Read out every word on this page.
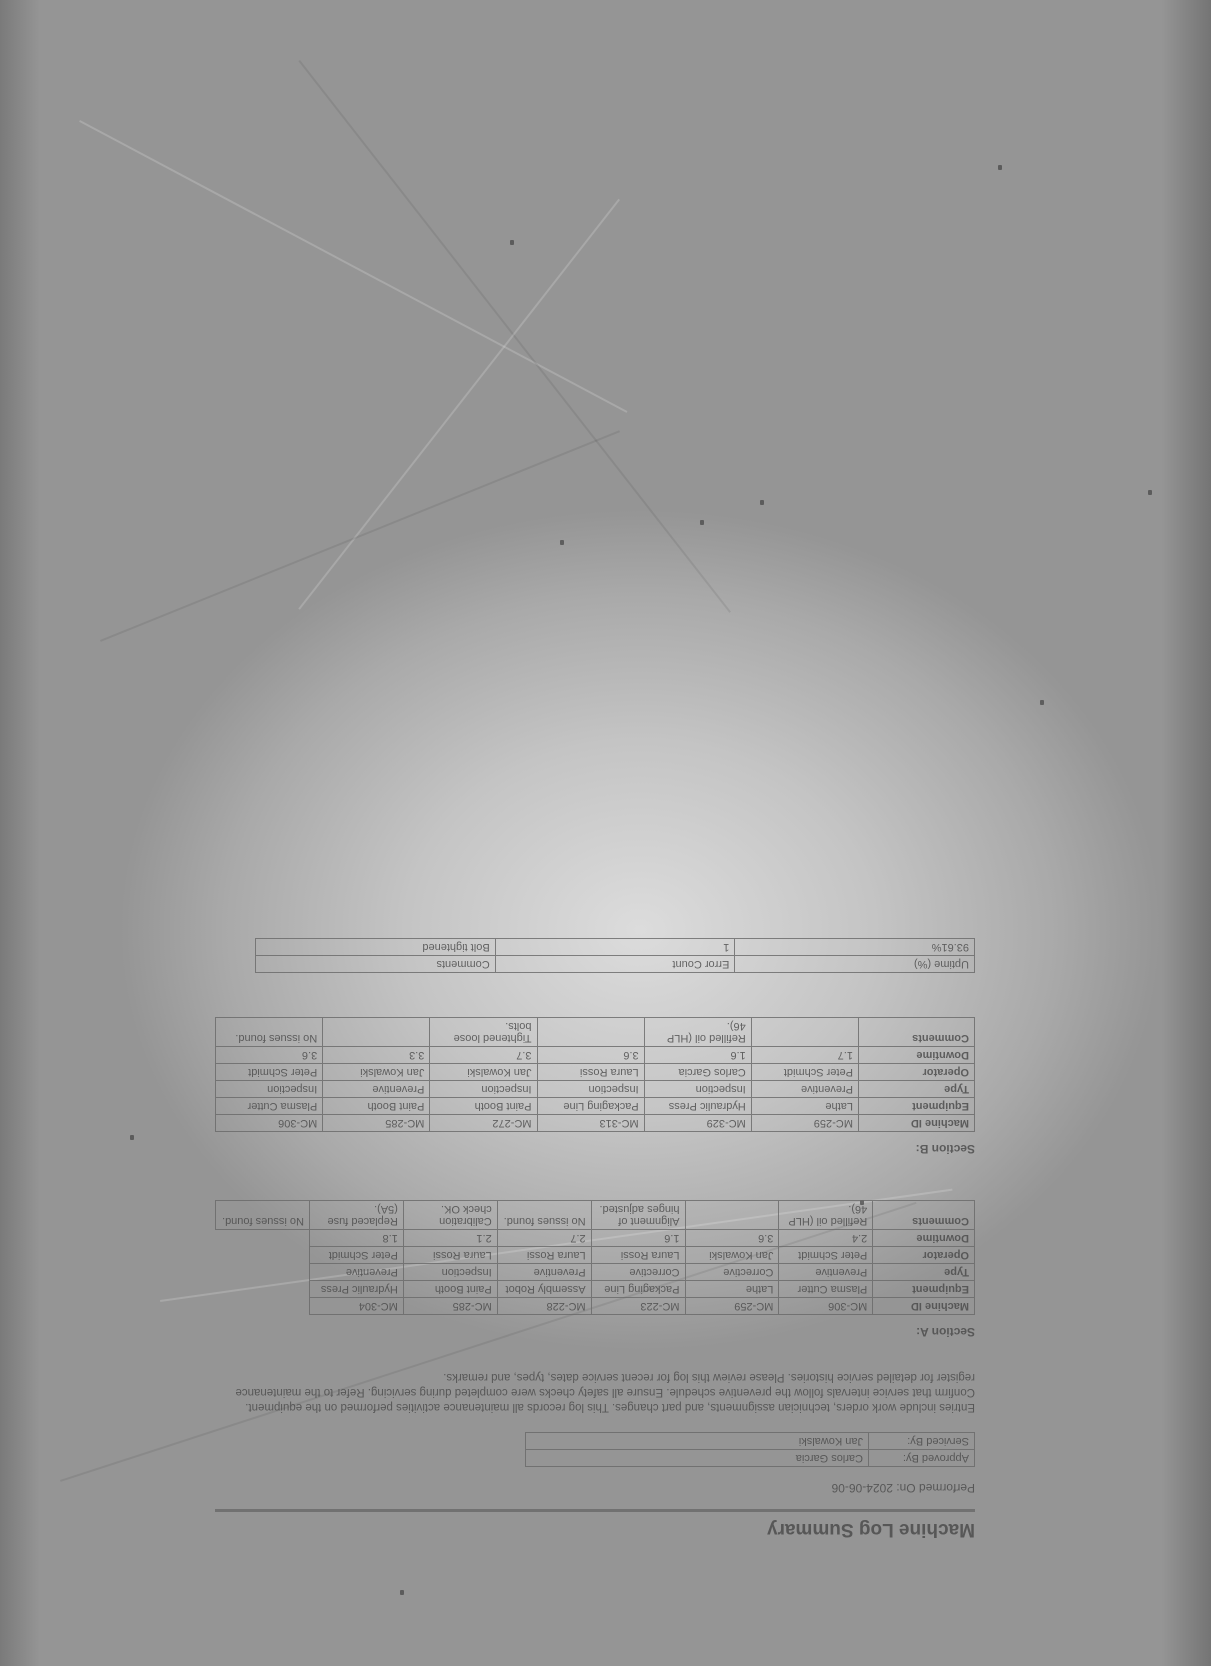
Machine Log Summary
Performed On: 2024-06-06
Approved By:	Carlos Garcia
Serviced By:	Jan Kowalski

Entries include work orders, technician assignments, and part changes. This log records all maintenance activities performed on the equipment. Confirm that service intervals follow the preventive schedule. Ensure all safety checks were completed during servicing. Refer to the maintenance register for detailed service histories. Please review this log for recent service dates, types, and remarks.

Section A:
Machine ID	MC-306	MC-259	MC-223	MC-228	MC-285	MC-304	
Equipment	Plasma Cutter	Lathe	Packaging Line	Assembly Robot	Paint Booth	Hydraulic Press	
Type	Preventive	Corrective	Corrective	Preventive	Inspection	Preventive	
Operator	Peter Schmidt	Jan Kowalski	Laura Rossi	Laura Rossi	Laura Rossi	Peter Schmidt	
Downtime	2.4	3.6	1.6	2.7	2.1	1.8	
Comments	Refilled oil (HLP 46).		Alignment of hinges adjusted.	No issues found.	Calibration check OK.	Replaced fuse (5A).	No issues found.
Section B:
Machine ID	MC-259	MC-329	MC-313	MC-272	MC-285	MC-306
Equipment	Lathe	Hydraulic Press	Packaging Line	Paint Booth	Paint Booth	Plasma Cutter
Type	Preventive	Inspection	Inspection	Inspection	Preventive	Inspection
Operator	Peter Schmidt	Carlos Garcia	Laura Rossi	Jan Kowalski	Jan Kowalski	Peter Schmidt
Downtime	1.7	1.6	3.6	3.7	3.3	3.6
Comments		Refilled oil (HLP 46).		Tightened loose bolts.		No issues found.
Uptime (%)	Error Count	Comments
93.61%	1	Bolt tightened
